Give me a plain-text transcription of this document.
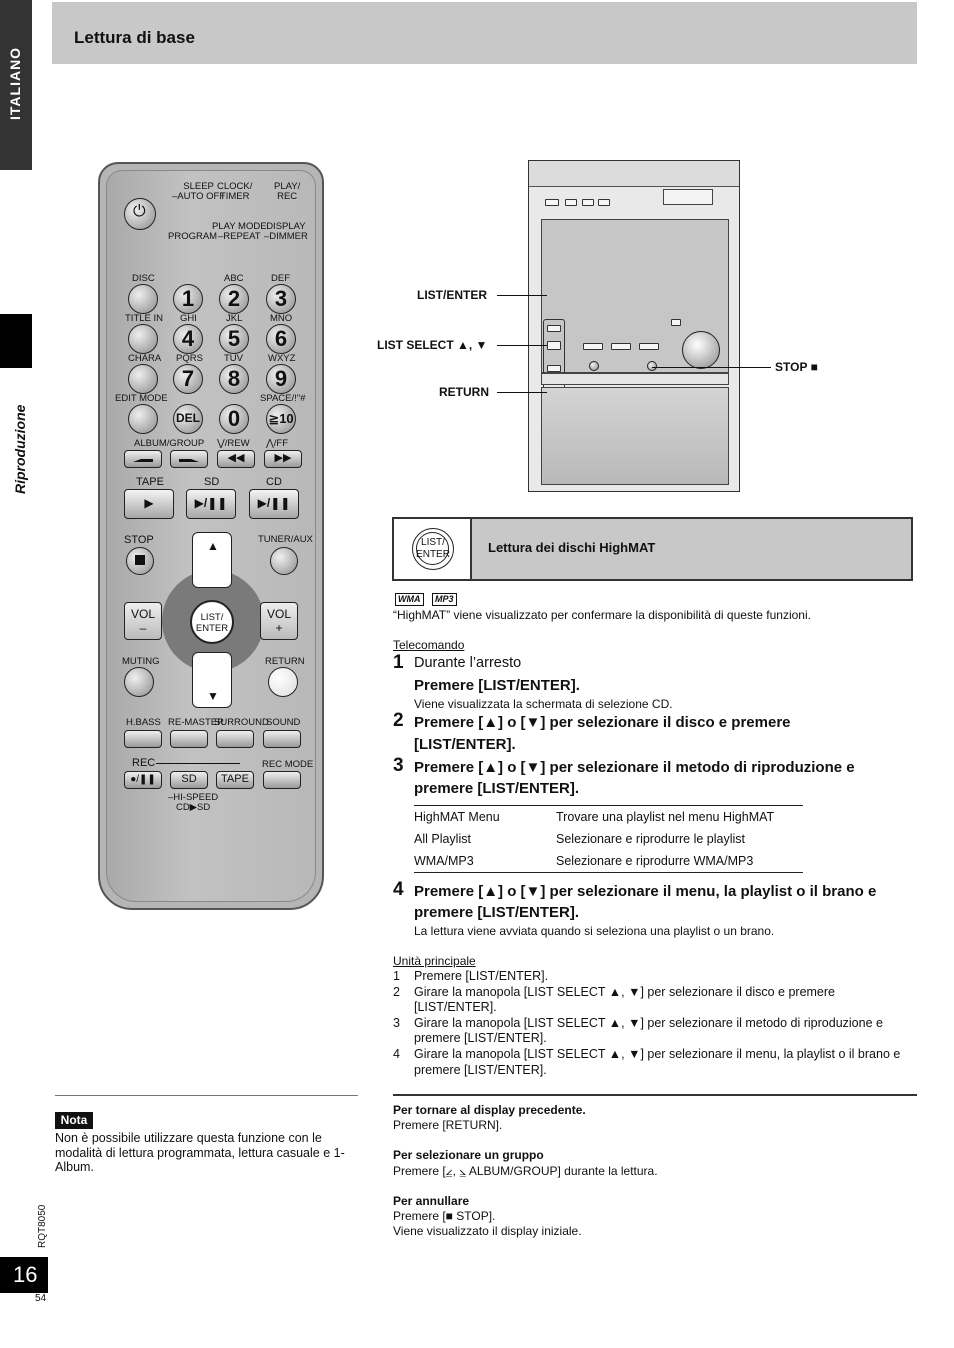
Lettura di base
ITALIANO
Riproduzione
⏻
SLEEP
–AUTO OFF
CLOCK/
TIMER
PLAY/
REC
PROGRAM
PLAY MODE
–REPEAT
DISPLAY
–DIMMER
DISC	ABC	DEF
1	2	3
TITLE IN GHI	JKL	MNO
4	5	6
CHARA PQRS TUV	WXYZ
7	8	9
EDIT MODE	SPACE/!"#
DEL	0	≧10
ALBUM/GROUP ⋁/REW ⋀/FF
◀◀	▶▶
TAPE	SD	CD
▶	▶/❚❚	▶/❚❚
STOP	TUNER/AUX
▲
▼
VOL
–
VOL
+
LIST/
ENTER
MUTING	RETURN
H.BASS RE-MASTER
SURROUND
SOUND
REC	REC MODE
●/❚❚	SD	TAPE
–HI-SPEED
CD▶SD
LIST/ENTER
LIST SELECT ▲, ▼
RETURN
STOP ■
LIST/
ENTER	Lettura dei dischi HighMAT
WMA	MP3
“HighMAT” viene visualizzato per confermare la disponibilità di queste funzioni.
Telecomando
1 Durante l’arresto
Premere [LIST/ENTER].
Viene visualizzata la schermata di selezione CD.
2 Premere [▲] o [▼] per selezionare il disco e premere
[LIST/ENTER].
3 Premere [▲] o [▼] per selezionare il metodo di riproduzione e
premere [LIST/ENTER].
HighMAT Menu	Trovare una playlist nel menu HighMAT
All Playlist	Selezionare e riprodurre le playlist
WMA/MP3	Selezionare e riprodurre WMA/MP3
4 Premere [▲] o [▼] per selezionare il menu, la playlist o il brano e
premere [LIST/ENTER].
La lettura viene avviata quando si seleziona una playlist o un brano.
Unità principale
1 Premere [LIST/ENTER].
2 Girare la manopola [LIST SELECT ▲, ▼] per selezionare il disco e premere
[LIST/ENTER].
3 Girare la manopola [LIST SELECT ▲, ▼] per selezionare il metodo di riproduzione e
premere [LIST/ENTER].
4 Girare la manopola [LIST SELECT ▲, ▼] per selezionare il menu, la playlist o il brano e
premere [LIST/ENTER].
Per tornare al display precedente.
Premere [RETURN].
Per selezionare un gruppo
Premere [⦤, ⦥ ALBUM/GROUP] durante la lettura.
Per annullare
Premere [■ STOP].
Viene visualizzato il display iniziale.
Nota
Non è possibile utilizzare questa funzione con le modalità di lettura programmata, lettura casuale e 1-Album.
RQT8050
16
54
